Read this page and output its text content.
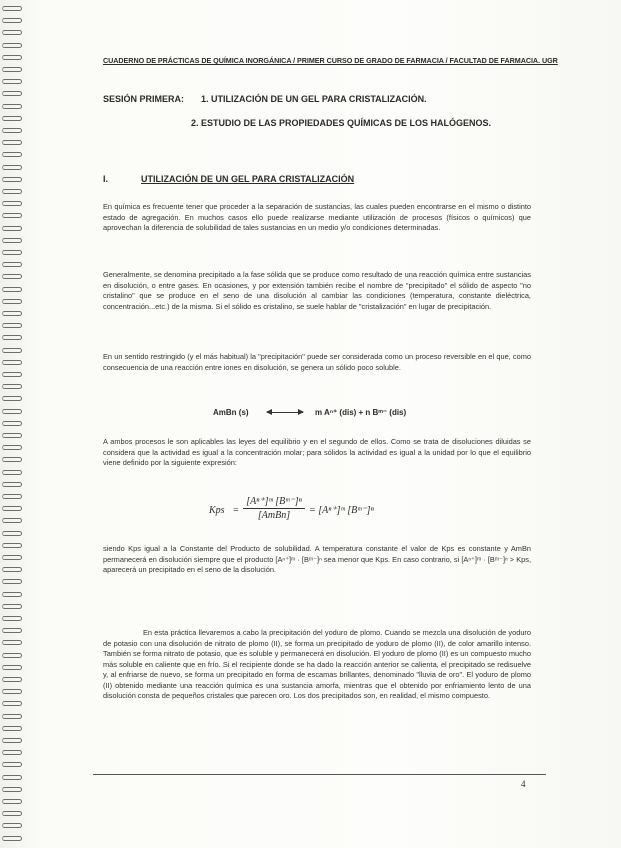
CUADERNO DE PRÁCTICAS DE QUÍMICA INORGÁNICA / PRIMER CURSO DE GRADO DE FARMACIA / FACULTAD DE FARMACIA. UGR
SESIÓN PRIMERA: 1. UTILIZACIÓN DE UN GEL PARA CRISTALIZACIÓN.
2. ESTUDIO DE LAS PROPIEDADES QUÍMICAS DE LOS HALÓGENOS.
I.	UTILIZACIÓN DE UN GEL PARA CRISTALIZACIÓN

En química es frecuente tener que proceder a la separación de sustancias, las cuales pueden encontrarse en el mismo o distinto estado de agregación. En muchos casos ello puede realizarse mediante utilización de procesos (físicos o químicos) que aprovechan la diferencia de solubilidad de tales sustancias en un medio y/o condiciones determinadas.

Generalmente, se denomina precipitado a la fase sólida que se produce como resultado de una reacción química entre sustancias en disolución, o entre gases. En ocasiones, y por extensión también recibe el nombre de "precipitado" el sólido de aspecto "no cristalino" que se produce en el seno de una disolución al cambiar las condiciones (temperatura, constante dieléctrica, concentración...etc.) de la misma. Si el sólido es cristalino, se suele hablar de "cristalización" en lugar de precipitación.

En un sentido restringido (y el más habitual) la "precipitación" puede ser considerada como un proceso reversible en el que, como consecuencia de una reacción entre iones en disolución, se genera un sólido poco soluble.

AmBn (s)	m Aⁿ⁺ (dis) + n Bᵐ⁻ (dis)

A ambos procesos le son aplicables las leyes del equilibrio y en el segundo de ellos. Como se trata de disoluciones diluidas se considera que la actividad es igual a la concentración molar; para sólidos la actividad es igual a la unidad por lo que el equilibrio viene definido por la siguiente expresión:

Kps =
[Aⁿ⁺]ᵐ [Bᵐ⁻]ⁿ
[AmBn]	= [Aⁿ⁺]ᵐ [Bᵐ⁻]ⁿ

siendo Kps igual a la Constante del Producto de solubilidad. A temperatura constante el valor de Kps es constante y AmBn permanecerá en disolución siempre que el producto [Aⁿ⁺]ᵐ · [Bᵐ⁻]ⁿ sea menor que Kps. En caso contrario, si [Aⁿ⁺]ᵐ · [Bᵐ⁻]ⁿ > Kps, aparecerá un precipitado en el seno de la disolución.

En esta práctica llevaremos a cabo la precipitación del yoduro de plomo. Cuando se mezcla una disolución de yoduro de potasio con una disolución de nitrato de plomo (II), se forma un precipitado de yoduro de plomo (II), de color amarillo intenso. También se forma nitrato de potasio, que es soluble y permanecerá en disolución. El yoduro de plomo (II) es un compuesto mucho más soluble en caliente que en frío. Si el recipiente donde se ha dado la reacción anterior se calienta, el precipitado se redisuelve y, al enfriarse de nuevo, se forma un precipitado en forma de escamas brillantes, denominado "lluvia de oro". El yoduro de plomo (II) obtenido mediante una reacción química es una sustancia amorfa, mientras que el obtenido por enfriamiento lento de una disolución consta de pequeños cristales que parecen oro. Los dos precipitados son, en realidad, el mismo compuesto.

4
